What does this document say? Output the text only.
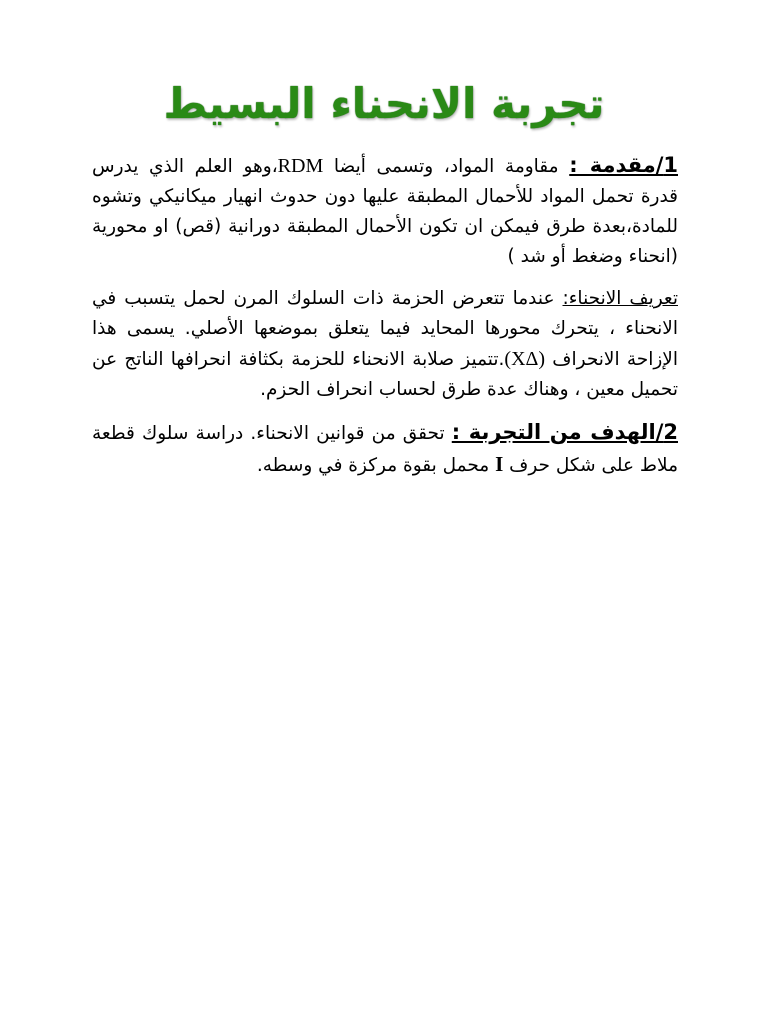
تجربة الانحناء البسيط

1/مقدمة : مقاومة المواد، وتسمى أيضا RDM،وهو العلم الذي يدرس قدرة تحمل المواد للأحمال المطبقة عليها دون حدوث انهيار ميكانيكي وتشوه للمادة،بعدة طرق فيمكن ان تكون الأحمال المطبقة دورانية (قص) او محورية (انحناء وضغط أو شد )

تعريف الانحناء: عندما تتعرض الحزمة ذات السلوك المرن لحمل يتسبب في الانحناء ، يتحرك محورها المحايد فيما يتعلق بموضعها الأصلي. يسمى هذا الإزاحة الانحراف (XΔ).تتميز صلابة الانحناء للحزمة بكثافة انحرافها الناتج عن تحميل معين ، وهناك عدة طرق لحساب انحراف الحزم.

2/الهدف من التجربة : تحقق من قوانين الانحناء. دراسة سلوك قطعة ملاط على شكل حرف I محمل بقوة مركزة في وسطه.
